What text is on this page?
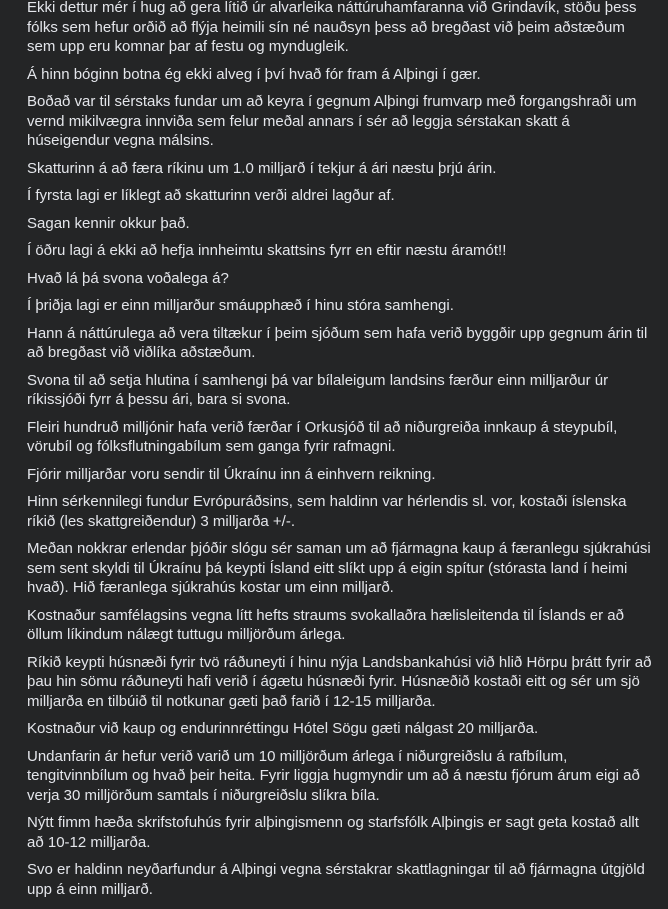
Ekki dettur mér í hug að gera lítið úr alvarleika náttúruhamfaranna við Grindavík, stöðu þess fólks sem hefur orðið að flýja heimili sín né nauðsyn þess að bregðast við þeim aðstæðum sem upp eru komnar þar af festu og myndugleik.

Á hinn bóginn botna ég ekki alveg í því hvað fór fram á Alþingi í gær.

Boðað var til sérstaks fundar um að keyra í gegnum Alþingi frumvarp með forgangshraði um vernd mikilvægra innviða sem felur meðal annars í sér að leggja sérstakan skatt á húseigendur vegna málsins.

Skatturinn á að færa ríkinu um 1.0 milljarð í tekjur á ári næstu þrjú árin.

Í fyrsta lagi er líklegt að skatturinn verði aldrei lagður af.

Sagan kennir okkur það.

Í öðru lagi á ekki að hefja innheimtu skattsins fyrr en eftir næstu áramót!!

Hvað lá þá svona voðalega á?

Í þriðja lagi er einn milljarður smáupphæð í hinu stóra samhengi.

Hann á náttúrulega að vera tiltækur í þeim sjóðum sem hafa verið byggðir upp gegnum árin til að bregðast við viðlíka aðstæðum.

Svona til að setja hlutina í samhengi þá var bílaleigum landsins færður einn milljarður úr ríkissjóði fyrr á þessu ári, bara si svona.

Fleiri hundruð milljónir hafa verið færðar í Orkusjóð til að niðurgreiða innkaup á steypubíl, vörubíl og fólksflutningabílum sem ganga fyrir rafmagni.

Fjórir milljarðar voru sendir til Úkraínu inn á einhvern reikning.

Hinn sérkennilegi fundur Evrópuráðsins, sem haldinn var hérlendis sl. vor, kostaði íslenska ríkið (les skattgreiðendur) 3 milljarða +/-.

Meðan nokkrar erlendar þjóðir slógu sér saman um að fjármagna kaup á færanlegu sjúkrahúsi sem sent skyldi til Úkraínu þá keypti Ísland eitt slíkt upp á eigin spítur (stórasta land í heimi hvað). Hið færanlega sjúkrahús kostar um einn milljarð.

Kostnaður samfélagsins vegna lítt hefts straums svokallaðra hælisleitenda til Íslands er að öllum líkindum nálægt tuttugu milljörðum árlega.

Ríkið keypti húsnæði fyrir tvö ráðuneyti í hinu nýja Landsbankahúsi við hlið Hörpu þrátt fyrir að þau hin sömu ráðuneyti hafi verið í ágætu húsnæði fyrir. Húsnæðið kostaði eitt og sér um sjö milljarða en tilbúið til notkunar gæti það farið í 12-15 milljarða.

Kostnaður við kaup og endurinnréttingu Hótel Sögu gæti nálgast 20 milljarða.

Undanfarin ár hefur verið varið um 10 milljörðum árlega í niðurgreiðslu á rafbílum, tengitvinnbílum og hvað þeir heita. Fyrir liggja hugmyndir um að á næstu fjórum árum eigi að verja 30 milljörðum samtals í niðurgreiðslu slíkra bíla.

Nýtt fimm hæða skrifstofuhús fyrir alþingismenn og starfsfólk Alþingis er sagt geta kostað allt að 10-12 milljarða.

Svo er haldinn neyðarfundur á Alþingi vegna sérstakrar skattlagningar til að fjármagna útgjöld upp á einn milljarð.
